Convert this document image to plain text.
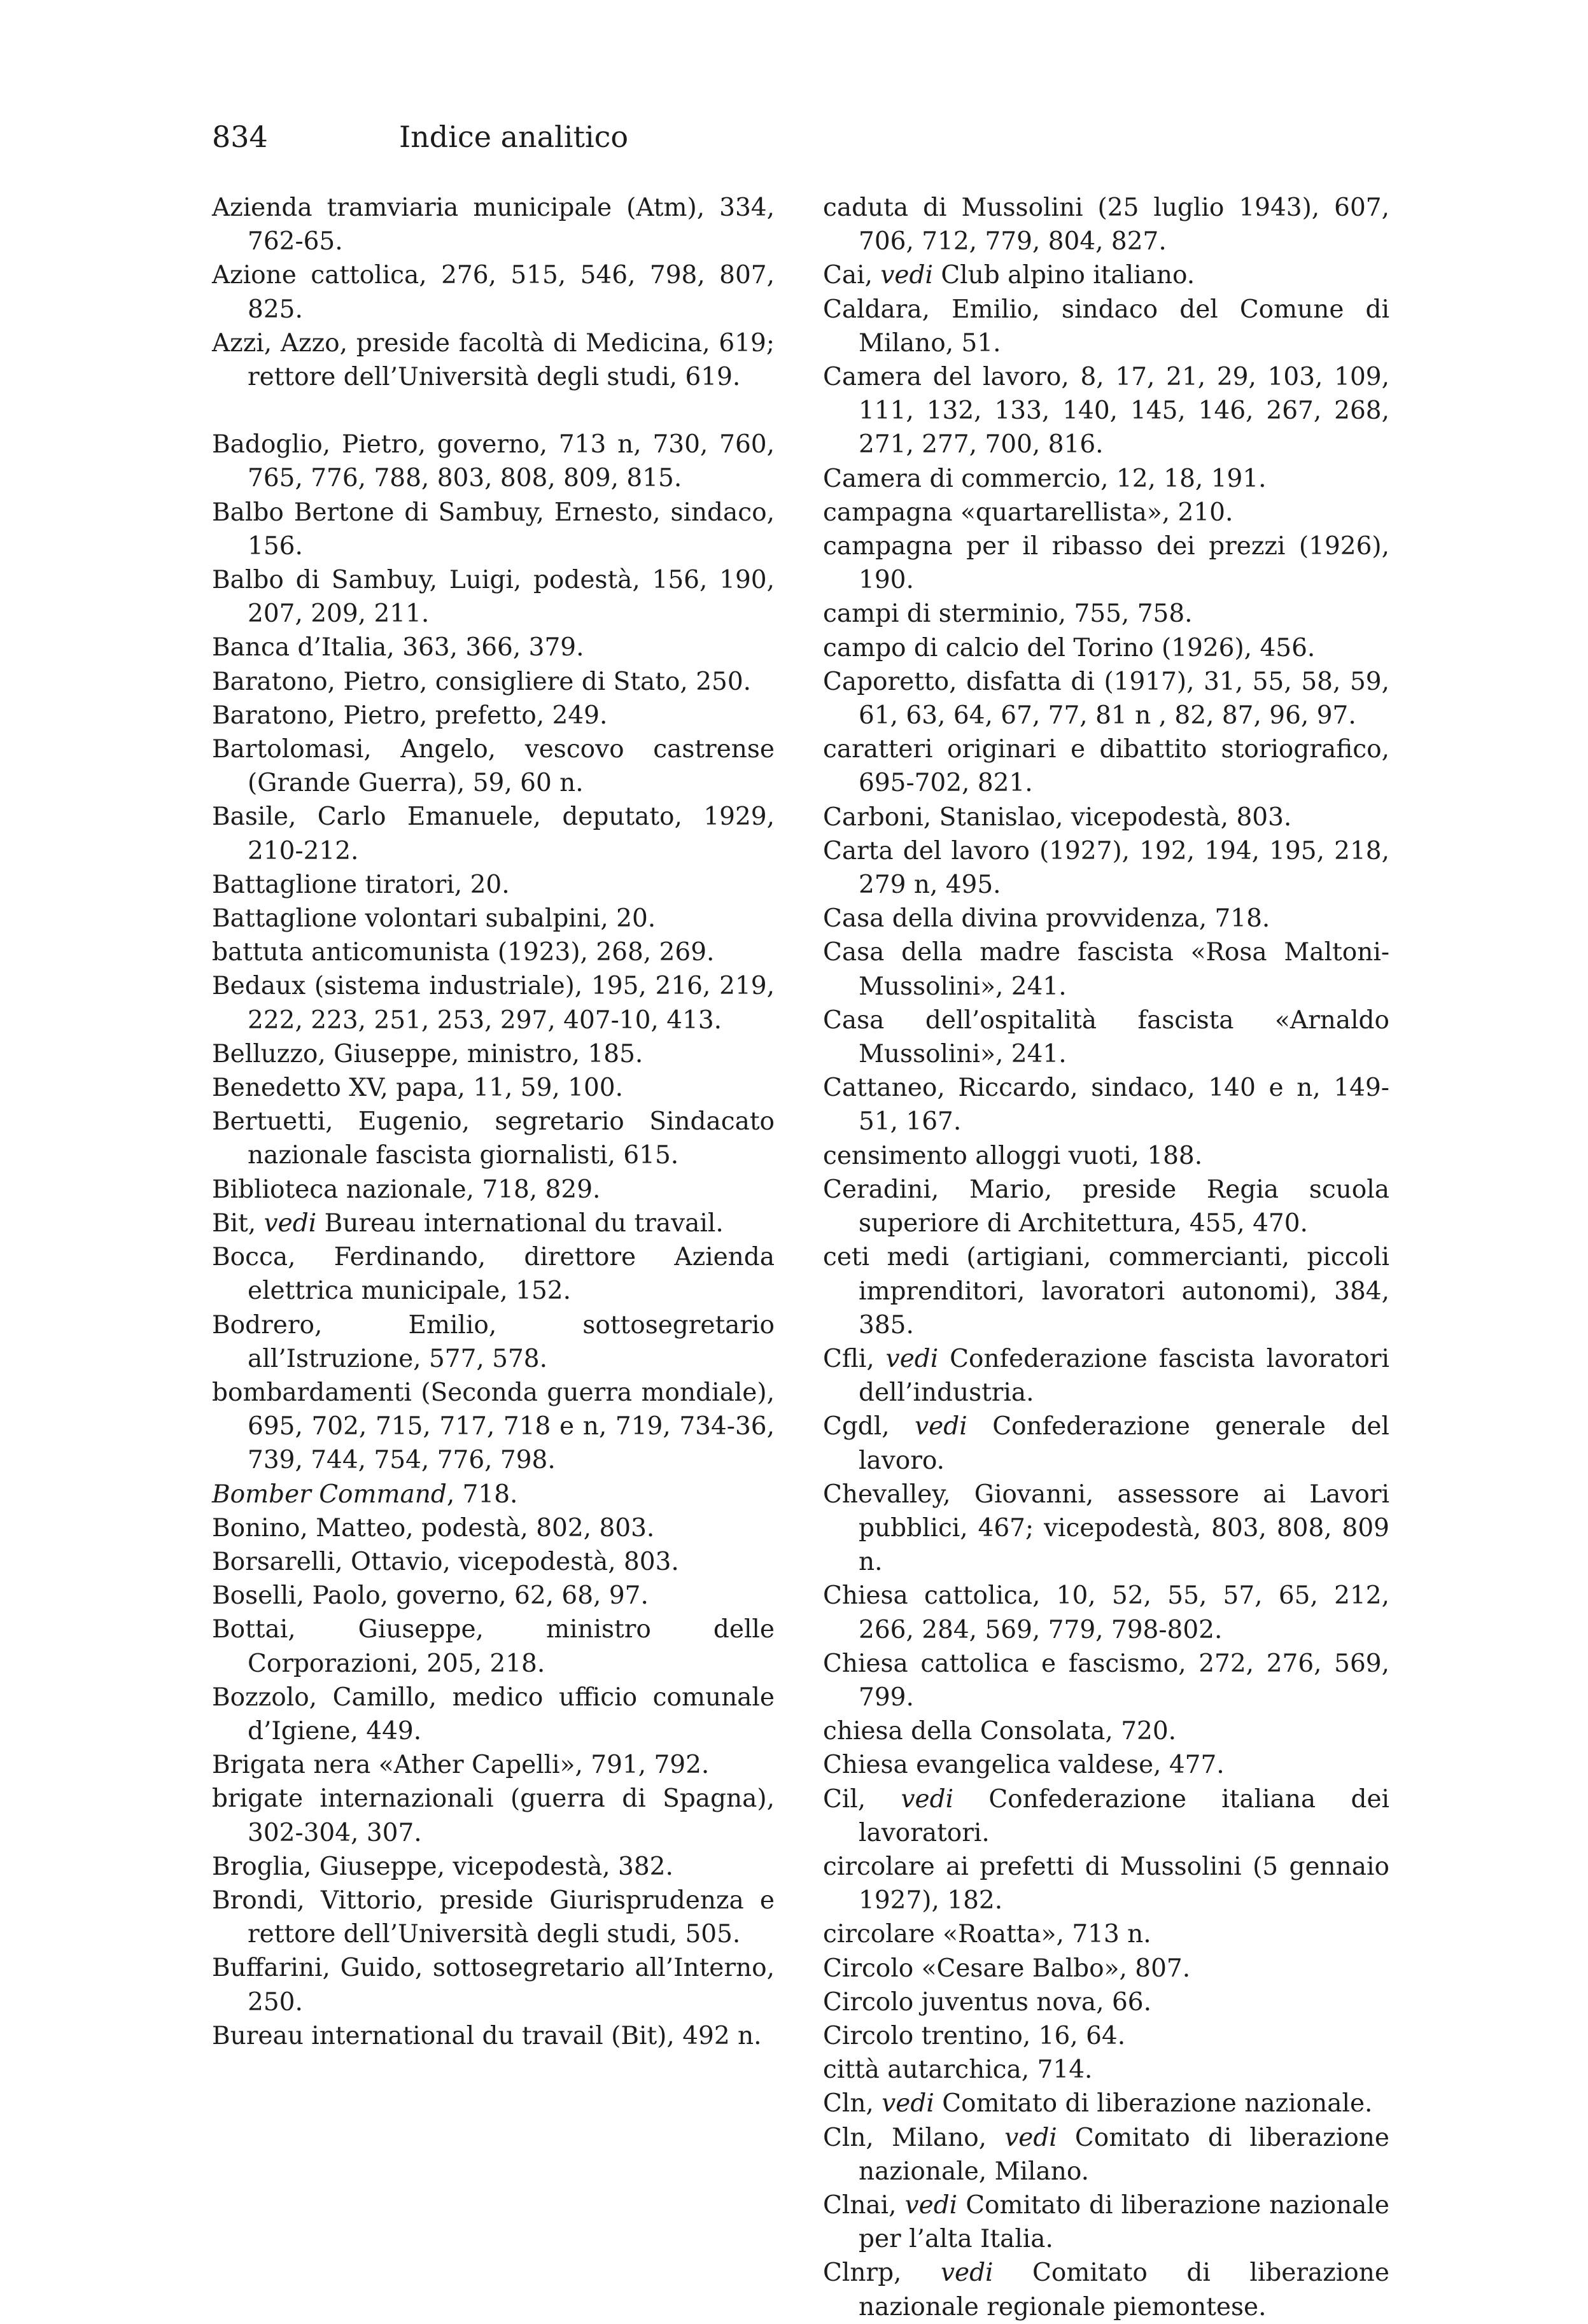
834	Indice analitico

Azienda tramviaria municipale (Atm), 334, 762-65.

Azione cattolica, 276, 515, 546, 798, 807, 825.

Azzi, Azzo, preside facoltà di Medicina, 619; rettore dell’Università degli studi, 619.

Badoglio, Pietro, governo, 713 n, 730, 760, 765, 776, 788, 803, 808, 809, 815.

Balbo Bertone di Sambuy, Ernesto, sindaco, 156.

Balbo di Sambuy, Luigi, podestà, 156, 190, 207, 209, 211.

Banca d’Italia, 363, 366, 379.

Baratono, Pietro, consigliere di Stato, 250.

Baratono, Pietro, prefetto, 249.

Bartolomasi, Angelo, vescovo castrense (Grande Guerra), 59, 60 n.

Basile, Carlo Emanuele, deputato, 1929, 210-212.

Battaglione tiratori, 20.

Battaglione volontari subalpini, 20.

battuta anticomunista (1923), 268, 269.

Bedaux (sistema industriale), 195, 216, 219, 222, 223, 251, 253, 297, 407-10, 413.

Belluzzo, Giuseppe, ministro, 185.

Benedetto XV, papa, 11, 59, 100.

Bertuetti, Eugenio, segretario Sindacato nazionale fascista giornalisti, 615.

Biblioteca nazionale, 718, 829.

Bit, vedi Bureau international du travail.

Bocca, Ferdinando, direttore Azienda elettrica municipale, 152.

Bodrero, Emilio, sottosegretario all’Istruzione, 577, 578.

bombardamenti (Seconda guerra mondiale), 695, 702, 715, 717, 718 e n, 719, 734-36, 739, 744, 754, 776, 798.

Bomber Command, 718.

Bonino, Matteo, podestà, 802, 803.

Borsarelli, Ottavio, vicepodestà, 803.

Boselli, Paolo, governo, 62, 68, 97.

Bottai, Giuseppe, ministro delle Corporazioni, 205, 218.

Bozzolo, Camillo, medico ufficio comunale d’Igiene, 449.

Brigata nera «Ather Capelli», 791, 792.

brigate internazionali (guerra di Spagna), 302-304, 307.

Broglia, Giuseppe, vicepodestà, 382.

Brondi, Vittorio, preside Giurisprudenza e rettore dell’Università degli studi, 505.

Buffarini, Guido, sottosegretario all’Interno, 250.

Bureau international du travail (Bit), 492 n.

caduta di Mussolini (25 luglio 1943), 607, 706, 712, 779, 804, 827.

Cai, vedi Club alpino italiano.

Caldara, Emilio, sindaco del Comune di Milano, 51.

Camera del lavoro, 8, 17, 21, 29, 103, 109, 111, 132, 133, 140, 145, 146, 267, 268, 271, 277, 700, 816.

Camera di commercio, 12, 18, 191.

campagna «quartarellista», 210.

campagna per il ribasso dei prezzi (1926), 190.

campi di sterminio, 755, 758.

campo di calcio del Torino (1926), 456.

Caporetto, disfatta di (1917), 31, 55, 58, 59, 61, 63, 64, 67, 77, 81 n , 82, 87, 96, 97.

caratteri originari e dibattito storiografico, 695-702, 821.

Carboni, Stanislao, vicepodestà, 803.

Carta del lavoro (1927), 192, 194, 195, 218, 279 n, 495.

Casa della divina provvidenza, 718.

Casa della madre fascista «Rosa Maltoni-Mussolini», 241.

Casa dell’ospitalità fascista «Arnaldo Mussolini», 241.

Cattaneo, Riccardo, sindaco, 140 e n, 149-51, 167.

censimento alloggi vuoti, 188.

Ceradini, Mario, preside Regia scuola superiore di Architettura, 455, 470.

ceti medi (artigiani, commercianti, piccoli imprenditori, lavoratori autonomi), 384, 385.

Cfli, vedi Confederazione fascista lavoratori dell’industria.

Cgdl, vedi Confederazione generale del lavoro.

Chevalley, Giovanni, assessore ai Lavori pubblici, 467; vicepodestà, 803, 808, 809 n.

Chiesa cattolica, 10, 52, 55, 57, 65, 212, 266, 284, 569, 779, 798-802.

Chiesa cattolica e fascismo, 272, 276, 569, 799.

chiesa della Consolata, 720.

Chiesa evangelica valdese, 477.

Cil, vedi Confederazione italiana dei lavoratori.

circolare ai prefetti di Mussolini (5 gennaio 1927), 182.

circolare «Roatta», 713 n.

Circolo «Cesare Balbo», 807.

Circolo juventus nova, 66.

Circolo trentino, 16, 64.

città autarchica, 714.

Cln, vedi Comitato di liberazione nazionale.

Cln, Milano, vedi Comitato di liberazione nazionale, Milano.

Clnai, vedi Comitato di liberazione nazionale per l’alta Italia.

Clnrp, vedi Comitato di liberazione nazionale regionale piemontese.
